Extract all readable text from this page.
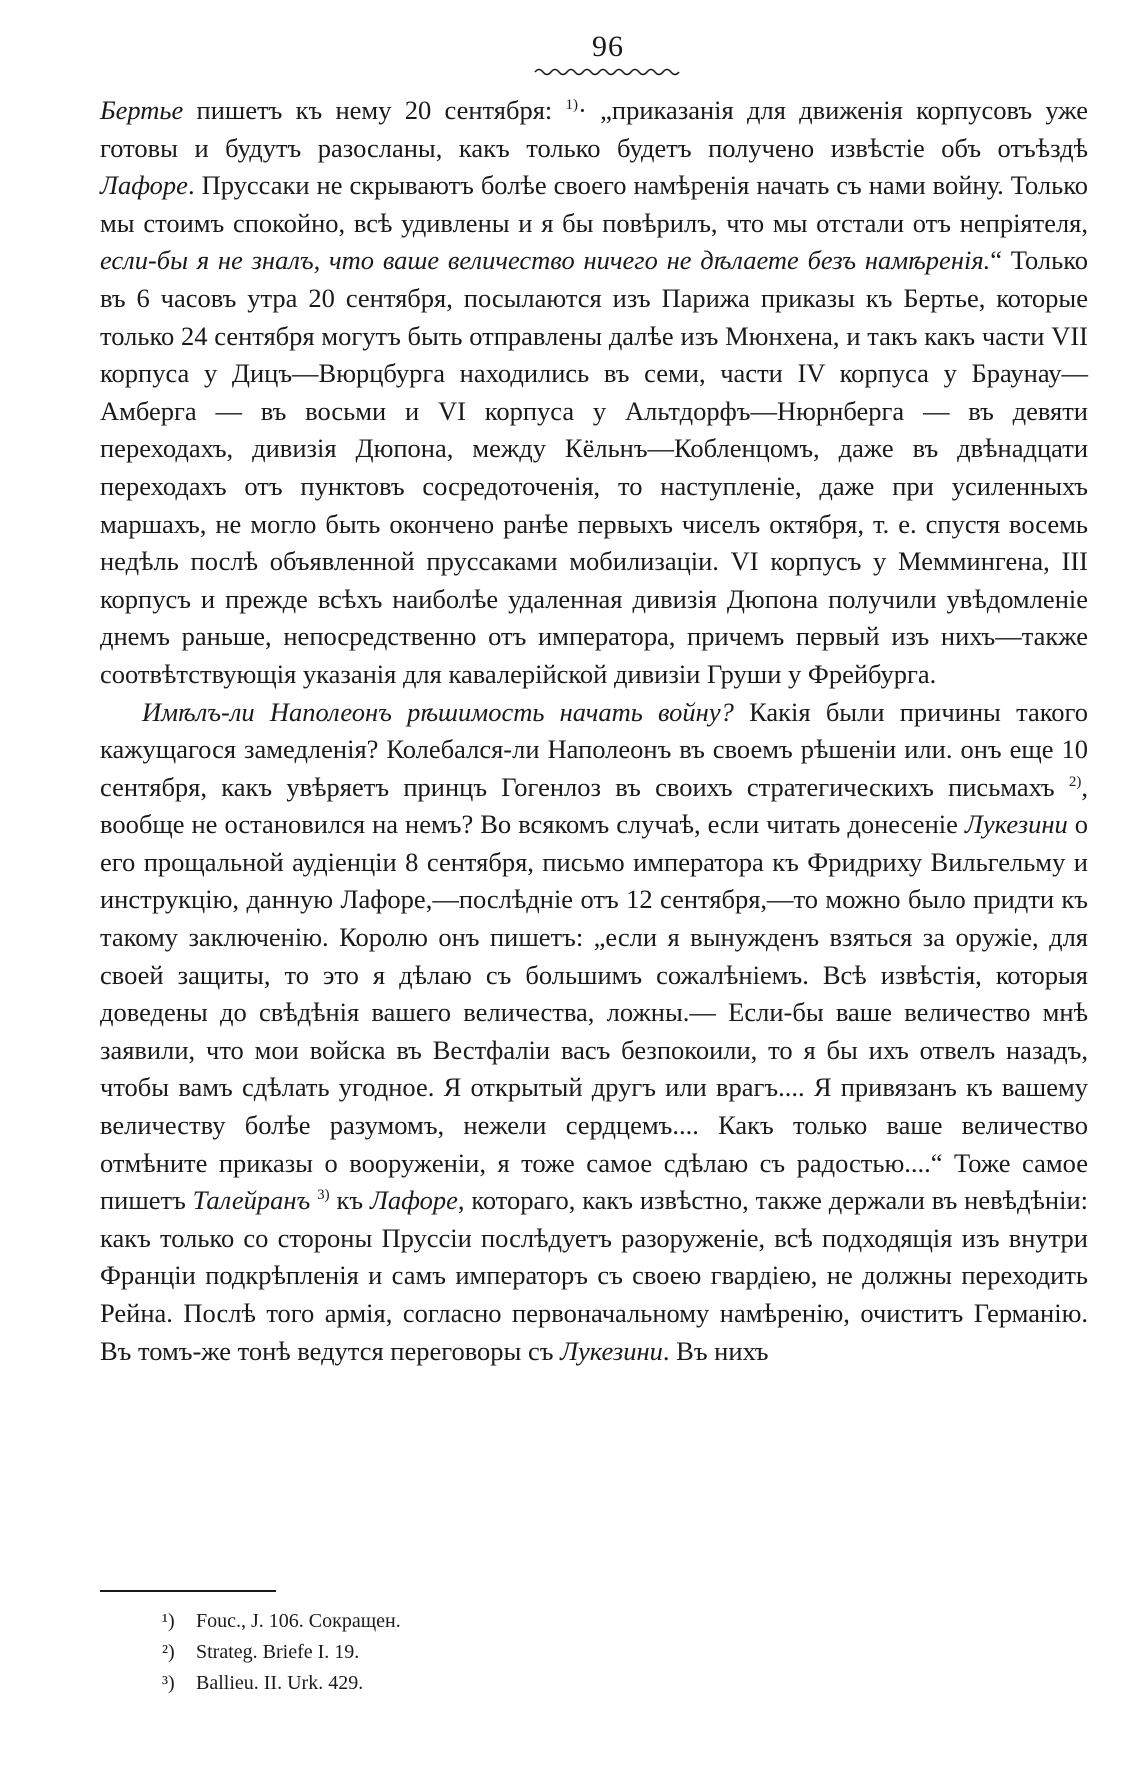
96

Бертье пишетъ къ нему 20 сентября: $^{1)}$· „приказанія для движенія корпусовъ уже готовы и будутъ разосланы, какъ только будетъ получено извѣстіе объ отъѣздѣ Лафоре. Пруссаки не скрываютъ болѣе своего намѣренія начать съ нами войну. Только мы стоимъ спокойно, всѣ удивлены и я бы повѣрилъ, что мы отстали отъ непріятеля, если-бы я не зналъ, что ваше величество ничего не дѣлаете безъ намѣренія.“ Только въ 6 часовъ утра 20 сентября, посылаются изъ Парижа приказы къ Бертье, которые только 24 сентября могутъ быть отправлены далѣе изъ Мюнхена, и такъ какъ части VII корпуса у Дицъ—Вюрцбурга находились въ семи, части IV корпуса у Браунау—Амберга — въ восьми и VI корпуса у Альтдорфъ—Нюрнберга — въ девяти переходахъ, дивизія Дюпона, между Кёльнъ—Кобленцомъ, даже въ двѣнадцати переходахъ отъ пунктовъ сосредоточенія, то наступленіе, даже при усиленныхъ маршахъ, не могло быть окончено ранѣе первыхъ чиселъ октября, т. е. спустя восемь недѣль послѣ объявленной пруссаками мобилизаціи. VI корпусъ у Меммингена, III корпусъ и прежде всѣхъ наиболѣе удаленная дивизія Дюпона получили увѣдомленіе днемъ раньше, непосредственно отъ императора, причемъ первый изъ нихъ—также соотвѣтствующія указанія для кавалерійской дивизіи Груши у Фрейбурга.

Имѣлъ-ли Наполеонъ рѣшимость начать войну? Какія были причины такого кажущагося замедленія? Колебался-ли Наполеонъ въ своемъ рѣшеніи или. онъ еще 10 сентября, какъ увѣряетъ принцъ Гогенлоз въ своихъ стратегическихъ письмахъ $^{2)}$, вообще не остановился на немъ? Во всякомъ случаѣ, если читать донесеніе Лукезини о его прощальной аудіенціи 8 сентября, письмо императора къ Фридриху Вильгельму и инструкцію, данную Лафоре,—послѣдніе отъ 12 сентября,—то можно было придти къ такому заключенію. Королю онъ пишетъ: „если я вынужденъ взяться за оружіе, для своей защиты, то это я дѣлаю съ большимъ сожалѣніемъ. Всѣ извѣстія, которыя доведены до свѣдѣнія вашего величества, ложны.— Если-бы ваше величество мнѣ заявили, что мои войска въ Вестфаліи васъ безпокоили, то я бы ихъ отвелъ назадъ, чтобы вамъ сдѣлать угодное. Я открытый другъ или врагъ.... Я привязанъ къ вашему величеству болѣе разумомъ, нежели сердцемъ.... Какъ только ваше величество отмѣните приказы о вооруженіи, я тоже самое сдѣлаю съ радостью....“ Тоже самое пишетъ Талейранъ $^{3)}$ къ Лафоре, котораго, какъ извѣстно, также держали въ невѣдѣніи: какъ только со стороны Пруссіи послѣдуетъ разоруженіе, всѣ подходящія изъ внутри Франціи подкрѣпленія и самъ императоръ съ своею гвардіею, не должны переходить Рейна. Послѣ того армія, согласно первоначальному намѣренію, очиститъ Германію. Въ томъ-же тонѣ ведутся переговоры съ Лукезини. Въ нихъ

¹) Fouc., J. 106. Сокращен.
²) Strateg. Briefe I. 19.
³) Ballieu. II. Urk. 429.
